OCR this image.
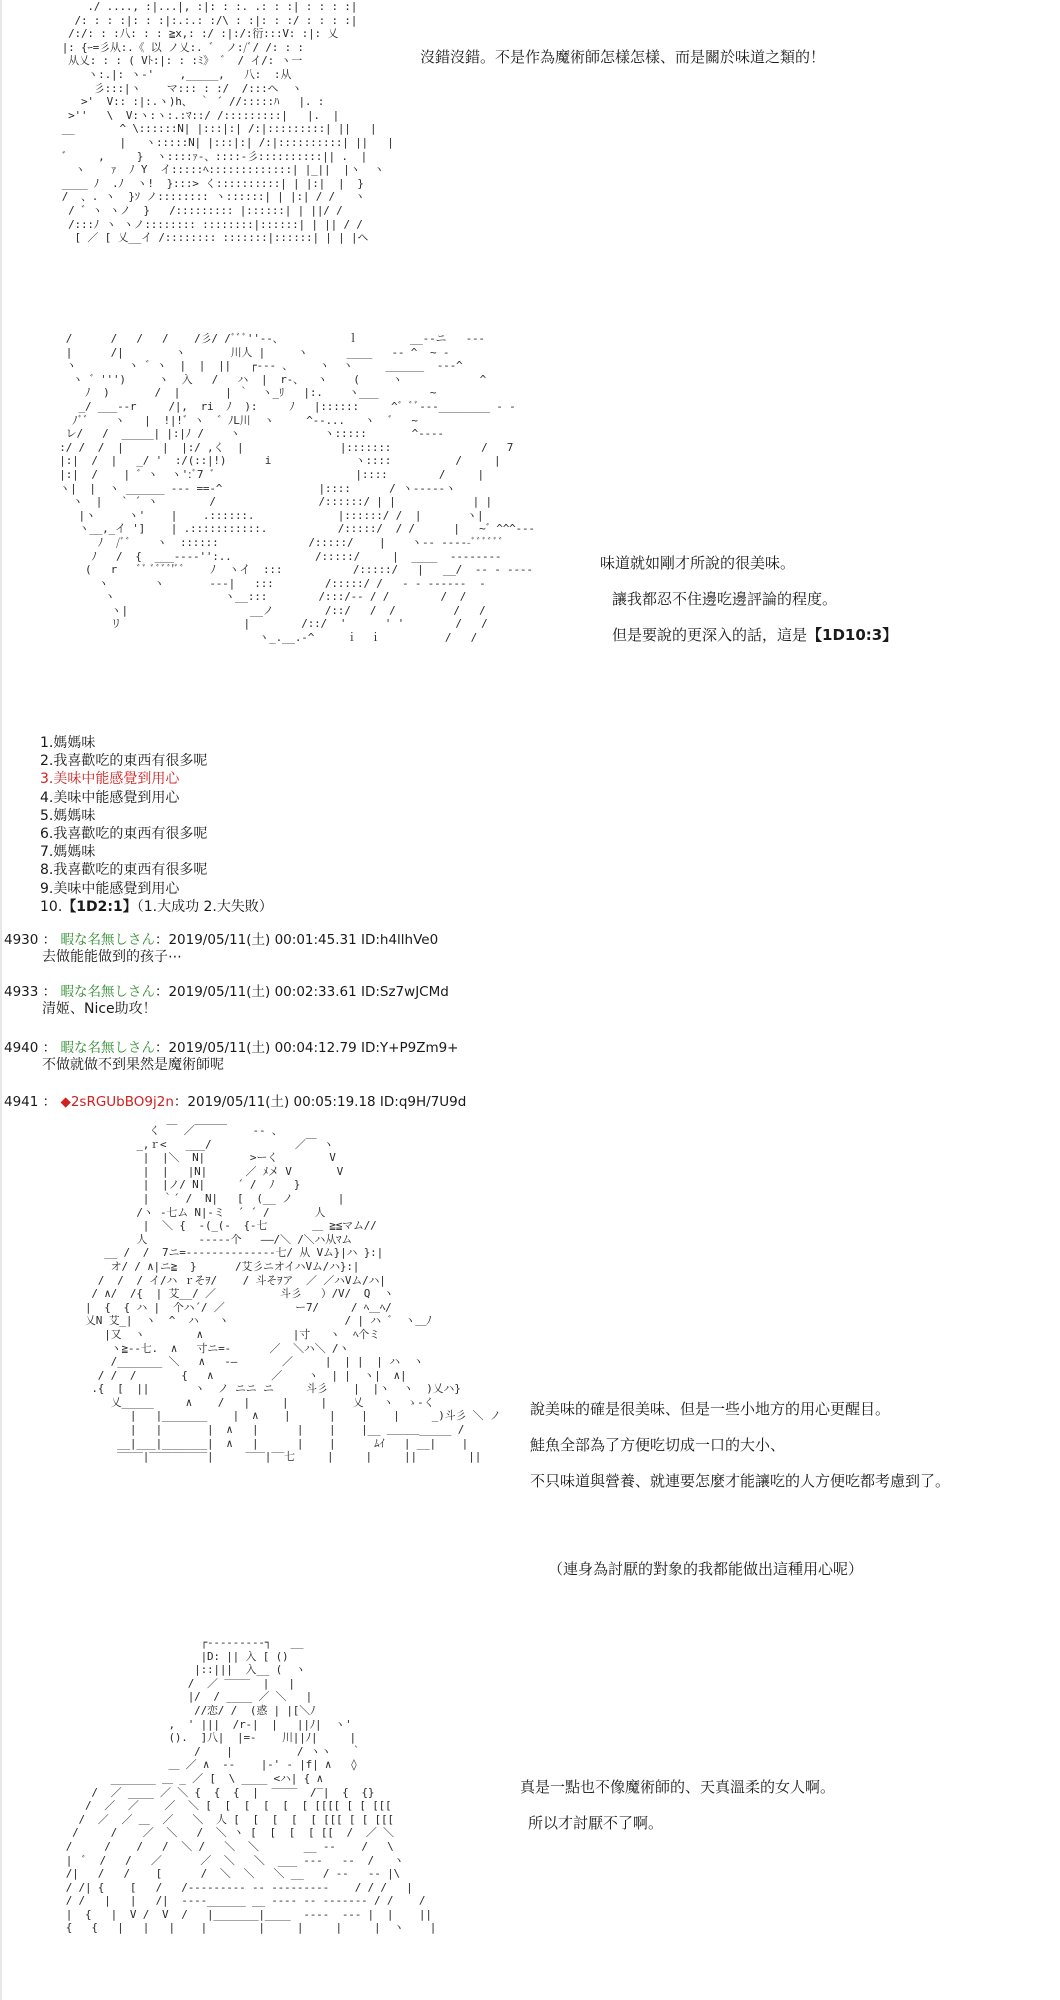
./ ...., :|...|, :|: : :. .: : :| : : : :|
/: : : :|: : :|:.:.: :/\ : :|: : :/ : : : :|
/:/: : :八: : : ≧x,: :/ :|:/:衍:::V: :|: 乂
|: {ｰ=彡从:.《 以 ノ乂:. ゛ ノ:/ﾞ/ /: : :
从乂: : : ( Vﾄ:|: : :ﾐ》 ゛ / イ/: ヽ一
ヽ:.|: ヽ-'    ,_____,   八:  :从
彡:::|ヽ    マ::: : :/  /:::ヘ  ヽ
>'  V:: :|:.ヽ)h、 ｀ ´ //:::::ﾊ   |. :
>''   \  V:ヽ:ヽ:.:ﾏ::/ /:::::::::|   |.  |
__       ^ \::::::N| |:::|:| /:|:::::::::| ||   |
|   ヽ:::::N| |:::|:| /:|::::::::::| ||   |
゛    ,     }  ヽ::::ｧ-、::::-彡::::::::::|| .  |
ヽ    ｧ  ﾉ Y  イ:::::ﾍ:::::::::::::| |_||  |ヽ  ヽ
____ ﾉ  .ﾉ  ヽ!  }:::> く::::::::::| | |:|  |  }
/  、. ヽ  }ｿ ノ:::::::: ヽ::::::| | |:| / /   ヽ
/ ゛ヽ ヽノ  }   /::::::::: |::::::| | ||/ /
/:::ﾉ ヽ ヽノ:::::::: ::::::::|::::::| | || / /
[ ／ [ 乂__イ /:::::::: :::::::|::::::| | | |ヘ
沒錯沒錯。不是作為魔術師怎樣怎樣、而是關於味道之類的！
/      /   /   /    /彡/ /ﾞﾞﾞ''--、          ｌ        __--ニ   ---
|      /|        ヽ       川人 |     ヽ      ____   -- ^  ~ ‐
ヽ        ヽ ゛ヽ  |  |  ||   ┌--- 、    ヽ  ヽ     ______  --‐^
ヽ ゛''')     ヽ  入   /   ハ  |  r‐、  ヽ    (     ヽ            ^
ﾉ  )       /  |       | ｀  ヽ_ﾘ   |:.    ヽ___        ~
_/ ___--r     /|,  ri  ﾉ  ):     ﾉ   |::::::     ^゛ﾞﾞ‐‐‐________ ‐ ‐
ﾉﾞﾞ    ヽ   |  !|!゛ヽ  ゛ﾉL川  ヽ     ^‐-...   ヽ  ゛  ~
レ/   /  _____| |:|ﾉ /    ヽ             ヽ:::::       ^‐-‐‐
:/ /  /  |      |  |:/ ,く  |               |:::::::              /   7
|:|  /  |   _/ '  :/(::|!)      i             ヽ::::          /     |
|:|  /    | ゛ヽ  ヽ':ﾞ7 ゛                     |::::        /     |
ヽ|  |  ヽ ______ --- ==‐^               |::::      / ヽ‐‐‐-‐ヽ
ヽ  |   ` ´ ヽ        /                /::::::/ | |            | |
|ヽ     ヽ'    |    .::::::.             |::::::/ /  |       ヽ|
ヽ__,_イ ']    | .:::::::::::.           /:::::/  / /      |   ~゛^^^‐‐‐
ﾉ  /ﾞﾞ    ヽ  ::::::              /:::::/    |    ヽ‐‐ ---‐-ﾞﾞﾞﾞﾞﾞ
ﾉ   /  {  ___---‐'':..             /:::::/     |  ____  ----‐‐‐‐
(   r   ﾞﾞ ﾞﾞﾞﾞ'ﾞﾞ    ﾉ  ヽイ  :::           /:::::/   |   __/  -- ‐ ‐‐‐‐
ヽ       ヽ       ‐-‐|   :::        /:::::/ /   ‐ - ------  ‐
ヽ                 ヽ__:::        /:::/-‐ / /        /  /
ヽ|                   __ノ        /::/   /  /         /   /
リ                   |        /::/  '      ' '        /   /
ヽ_.__.-^     ｉ  ｉ          /   /
味道就如剛才所說的很美味。
讓我都忍不住邊吃邊評論的程度。
但是要說的更深入的話，這是【1D10:3】
1.媽媽味
2.我喜歡吃的東西有很多呢
3.美味中能感覺到用心
4.美味中能感覺到用心
5.媽媽味
6.我喜歡吃的東西有很多呢
7.媽媽味
8.我喜歡吃的東西有很多呢
9.美味中能感覺到用心
10.【1D2:1】（1.大成功 2.大失敗）
4930 ： 暇な名無しさん：2019/05/11(土) 00:01:45.31 ID:h4llhVe0
去做能能做到的孩子⋯
4933 ： 暇な名無しさん：2019/05/11(土) 00:02:33.61 ID:Sz7wJCMd
清姬、Nice助攻！
4940 ： 暇な名無しさん：2019/05/11(土) 00:04:12.79 ID:Y+P9Zm9+
不做就做不到果然是魔術師呢
4941 ： ◆2sRGUbBO9j2n：2019/05/11(土) 00:05:19.18 ID:q9H/7U9d
く ￣ ／￣￣￣    -- 、
_,ｒ<   ___/             ／￣ ヽ
|  |＼  N|       >ーく        V
|  |   |N|      ／ ﾒメ V       V
|  |ノ/ N|     ´ /  ﾉ   }
|  ｀´ /  N|   [  (__ ノ       |
/ヽ -七ム N|‐ミ  ´ ´ /       人
|  ＼ {  -(_(-  {-七       ＿ ≧≦マム//
人        ‐----个   ――/＼ /＼ハ从ﾏム
__ /  /  7ニ=--------------七/ 从 Vム}|ハ }:|
オ/ / ∧|ニ≧  }      /艾彡ニオイハVム/ハ}:|
/  /  / イ/ハ ｒそｦ/    / 斗そｦア  ／ ／ハVム/ハ|
/ ∧/  /{  | 艾__/ ／          斗彡   ）/V/  Q  ヽ
|  {  { ハ |  个ハ´/ ／           ー7/     / ﾍ＿ﾍ/
乂N 艾_|  ヽ  ^  ハ   ヽ                  / | ハ ゛ ヽ＿ﾉ
|又  ヽ        ∧              |寸   ヽ  ﾍ个ミ
ヽ≧-‐七.  ∧   寸ニ=-      ／  ＼ハ＼ /ヽ
/_______ ＼   ∧   ‐―       ／     |  | |  | ハ  ヽ
/ /  /       {   ∧         ／    ヽ  | |  ヽ|  ∧|
.{  [  ||       ヽ  ノ ニニ ニ     斗彡    |  |ヽ  ヽ  )乂ハ}
乂_____     ∧    /   |     |     |    乂   ヽ  ゝ-く
|   |_______    |  ∧    |      |    |    |     _)斗彡 ＼ ノ
|   |       |  ∧   |      |    |    |__ ＿＿＿_____ /
__|___|_______|  ∧   |      |    |      ﾑｲ   | __|    |
‾‾‾‾|‾‾‾‾‾‾‾‾‾|     ‾‾‾|‾‾七     |     |     ||        ||
說美味的確是很美味、但是一些小地方的用心更醒目。
鮭魚全部為了方便吃切成一口的大小、
不只味道與營養、就連要怎麼才能讓吃的人方便吃都考慮到了。
（連身為討厭的對象的我都能做出這種用心呢）
┌---------┐   __
|D: || 入 [ ()
|::|||  入__ (  ヽ
/  ／ ‾‾‾‾  |   |
|/  / ____ ／ ＼   |
//恋/ /  (惑 | |[＼ﾉ
,  ' |||  /r-|  |   ||ﾉ|  ヽ'
().  ]八|  |=-    川||ﾉ|     |
/    |          / ヽヽ   ｀
＿ ／ ∧  ‐‐    |‐' ‐ |f| ∧   ◊
_______ ＿ _ ／ [  \ ____ <ハ| { ∧
/  ／ ____ ／ ＼ {  {  {  |  ‾‾‾‾  /‾|  {  {}
/  ／  ／    ／  ＼ [  [  [  [  [  [ [[[[ [ [ [[[
/  ／  ／ ＿  ／   ＼  人 [  [  [  [  [ [[[ [ [ [[[
/     /    ／  ＼   /  ＼ ヽ [  [  [  [ [[  /  ／ ＼
/     /    /   /  ＼ /   ＼  ＼       __ ‐‐    /   \
|  ﾞ  /   /   ／      ／  ＼   ＼  ___ ‐‐‐   ‐‐  /   ヽ
/|   /   /    [      /  ＼  ＼   ＼ __   / ‐‐   ‐‐ |\
/ /| {    [   /   /‐‐‐‐‐‐‐‐‐ ‐‐ ‐‐‐‐‐‐‐‐‐    / / /   |
/ /   |   |   /|  ----______ __ ‐‐‐‐ ‐‐ ‐‐‐‐‐‐‐ / /    /
|  {   |  V /  V  /   |_______|____  ‐‐‐‐  ‐‐‐ |  |    ||
{   {   |   |   |    |        |     |     |     |  ヽ    |
真是一點也不像魔術師的、天真溫柔的女人啊。
所以才討厭不了啊。
